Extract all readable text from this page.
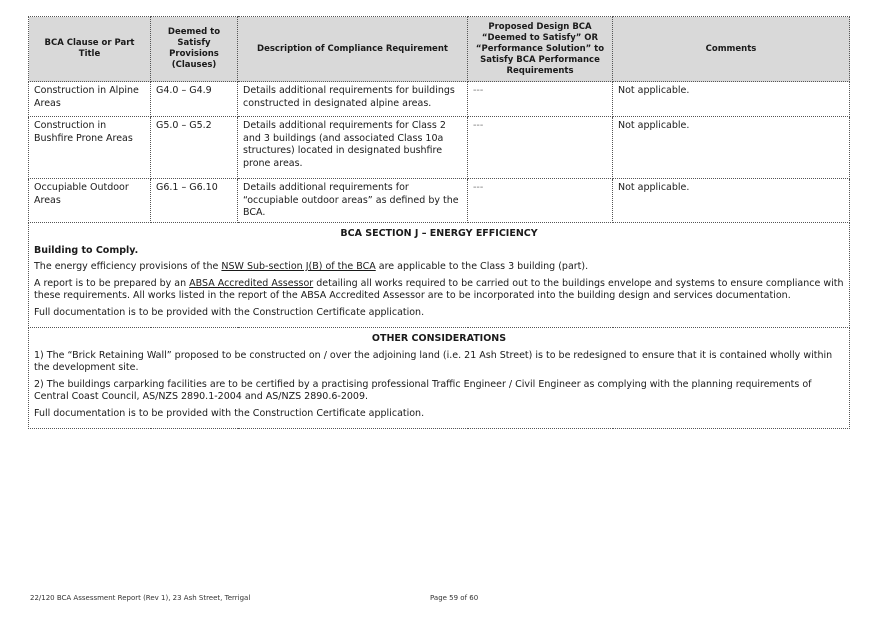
BCA Clause or Part Title	Deemed to Satisfy Provisions (Clauses)	Description of Compliance Requirement	Proposed Design BCA “Deemed to Satisfy” OR “Performance Solution” to Satisfy BCA Performance Requirements	Comments
Construction in Alpine Areas	G4.0 – G4.9	Details additional requirements for buildings constructed in designated alpine areas.	---	Not applicable.
Construction in Bushfire Prone Areas	G5.0 – G5.2	Details additional requirements for Class 2 and 3 buildings (and associated Class 10a structures) located in designated bushfire prone areas.	---	Not applicable.
Occupiable Outdoor Areas	G6.1 – G6.10	Details additional requirements for “occupiable outdoor areas” as defined by the BCA.	---	Not applicable.

BCA SECTION J – ENERGY EFFICIENCY
Building to Comply.

The energy efficiency provisions of the NSW Sub-section J(B) of the BCA are applicable to the Class 3 building (part).

A report is to be prepared by an ABSA Accredited Assessor detailing all works required to be carried out to the buildings envelope and systems to ensure compliance with these requirements. All works listed in the report of the ABSA Accredited Assessor are to be incorporated into the building design and services documentation.

Full documentation is to be provided with the Construction Certificate application.				

OTHER CONSIDERATIONS

1) The “Brick Retaining Wall” proposed to be constructed on / over the adjoining land (i.e. 21 Ash Street) is to be redesigned to ensure that it is contained wholly within the development site.

2) The buildings carparking facilities are to be certified by a practising professional Traffic Engineer / Civil Engineer as complying with the planning requirements of Central Coast Council, AS/NZS 2890.1-2004 and AS/NZS 2890.6-2009.

Full documentation is to be provided with the Construction Certificate application.				

22/120 BCA Assessment Report (Rev 1), 23 Ash Street, Terrigal	Page 59 of 60
